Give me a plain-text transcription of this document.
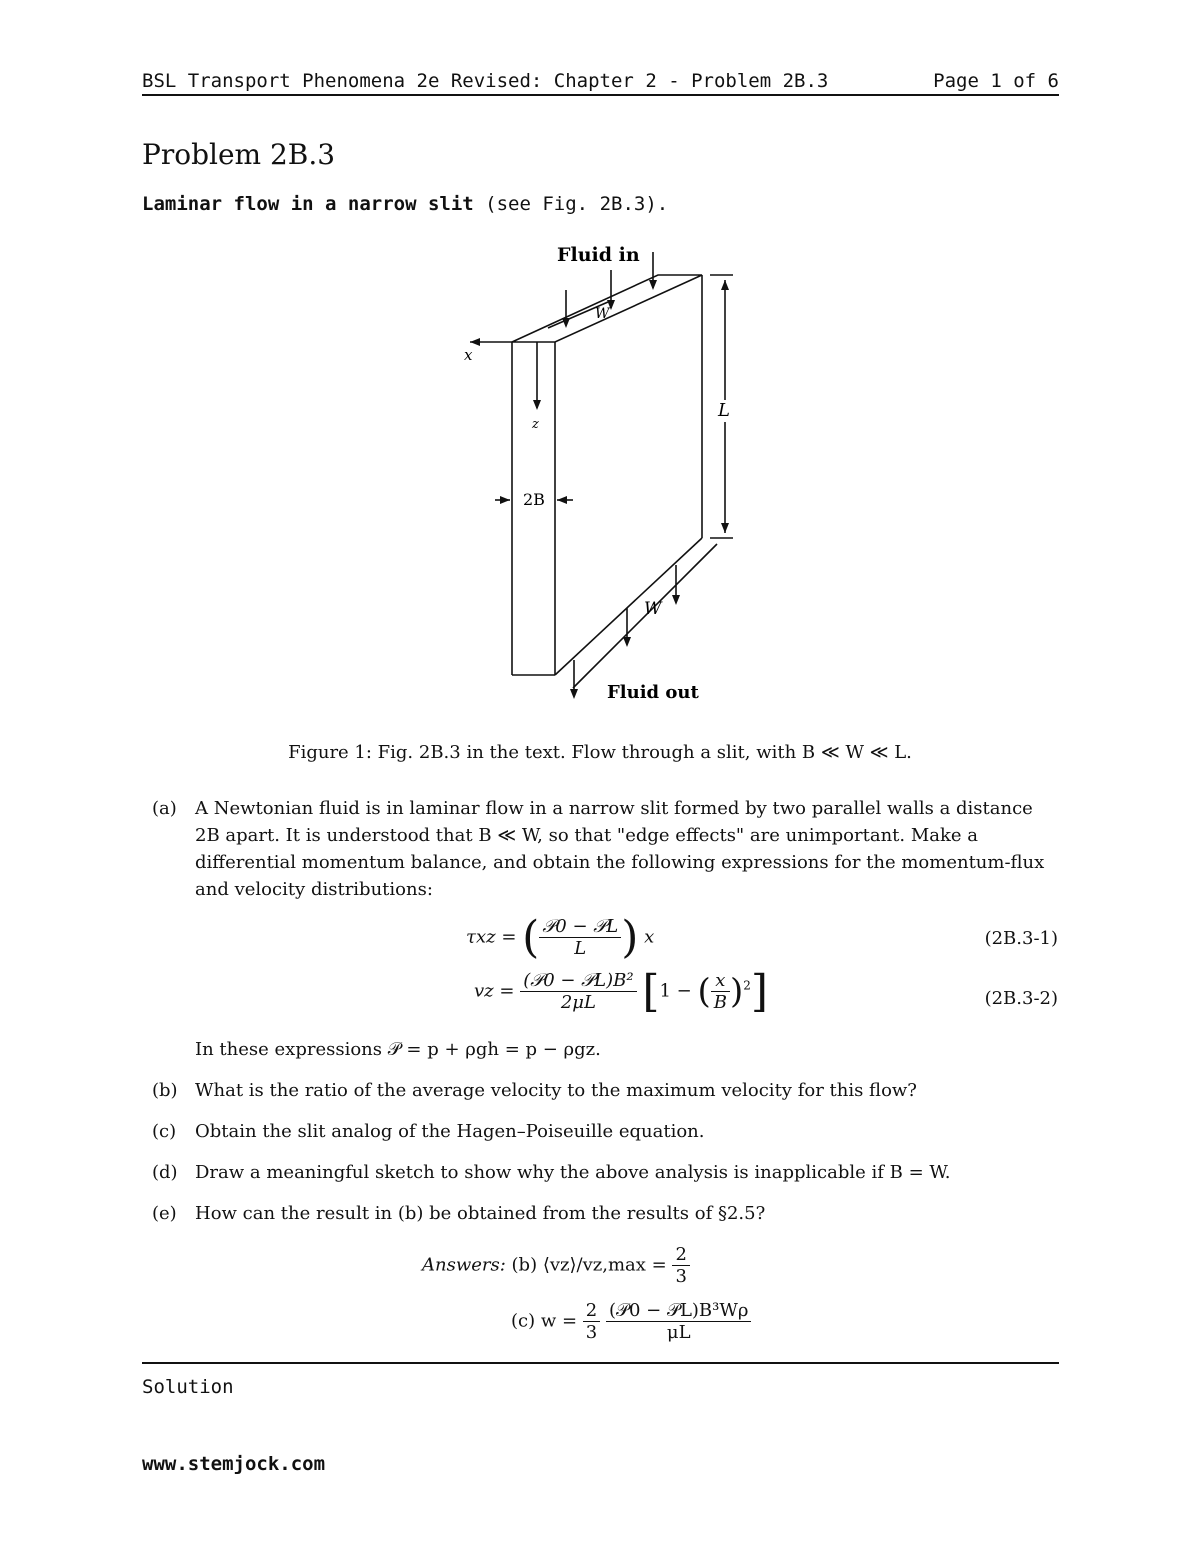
BSL Transport Phenomena 2e Revised: Chapter 2 - Problem 2B.3	Page 1 of 6
Problem 2B.3
Laminar flow in a narrow slit (see Fig. 2B.3).
Fluid in
W
x
z
L
2B
W
Fluid out
Figure 1: Fig. 2B.3 in the text. Flow through a slit, with B ≪ W ≪ L.
(a)	A Newtonian fluid is in laminar flow in a narrow slit formed by two parallel walls a distance 2B apart. It is understood that B ≪ W, so that "edge effects" are unimportant. Make a differential momentum balance, and obtain the following expressions for the momentum-flux and velocity distributions:
τxz = ( $\frac{\text{𝒫0 − 𝒫L}}{L}$ ) x	(2B.3-1)
vz = $\frac{\text{(𝒫0 − 𝒫L)B²}}{2\mu L} [1$ − ( $\frac{x}{B} )^2$]	(2B.3-2)
In these expressions 𝒫 = p + ρgh = p − ρgz.
(b) What is the ratio of the average velocity to the maximum velocity for this flow?
(c)	Obtain the slit analog of the Hagen–Poiseuille equation.
(d) Draw a meaningful sketch to show why the above analysis is inapplicable if B = W.
(e)	How can the result in (b) be obtained from the results of §2.5?
Answers: (b) ⟨vz⟩/vz,max = $\frac{2}{3}$
(c) $w = \frac{2}{3}$
$\frac{\text{(𝒫0 − 𝒫L)B³Wρ}}{\mu L}$
Solution
www.stemjock.com
